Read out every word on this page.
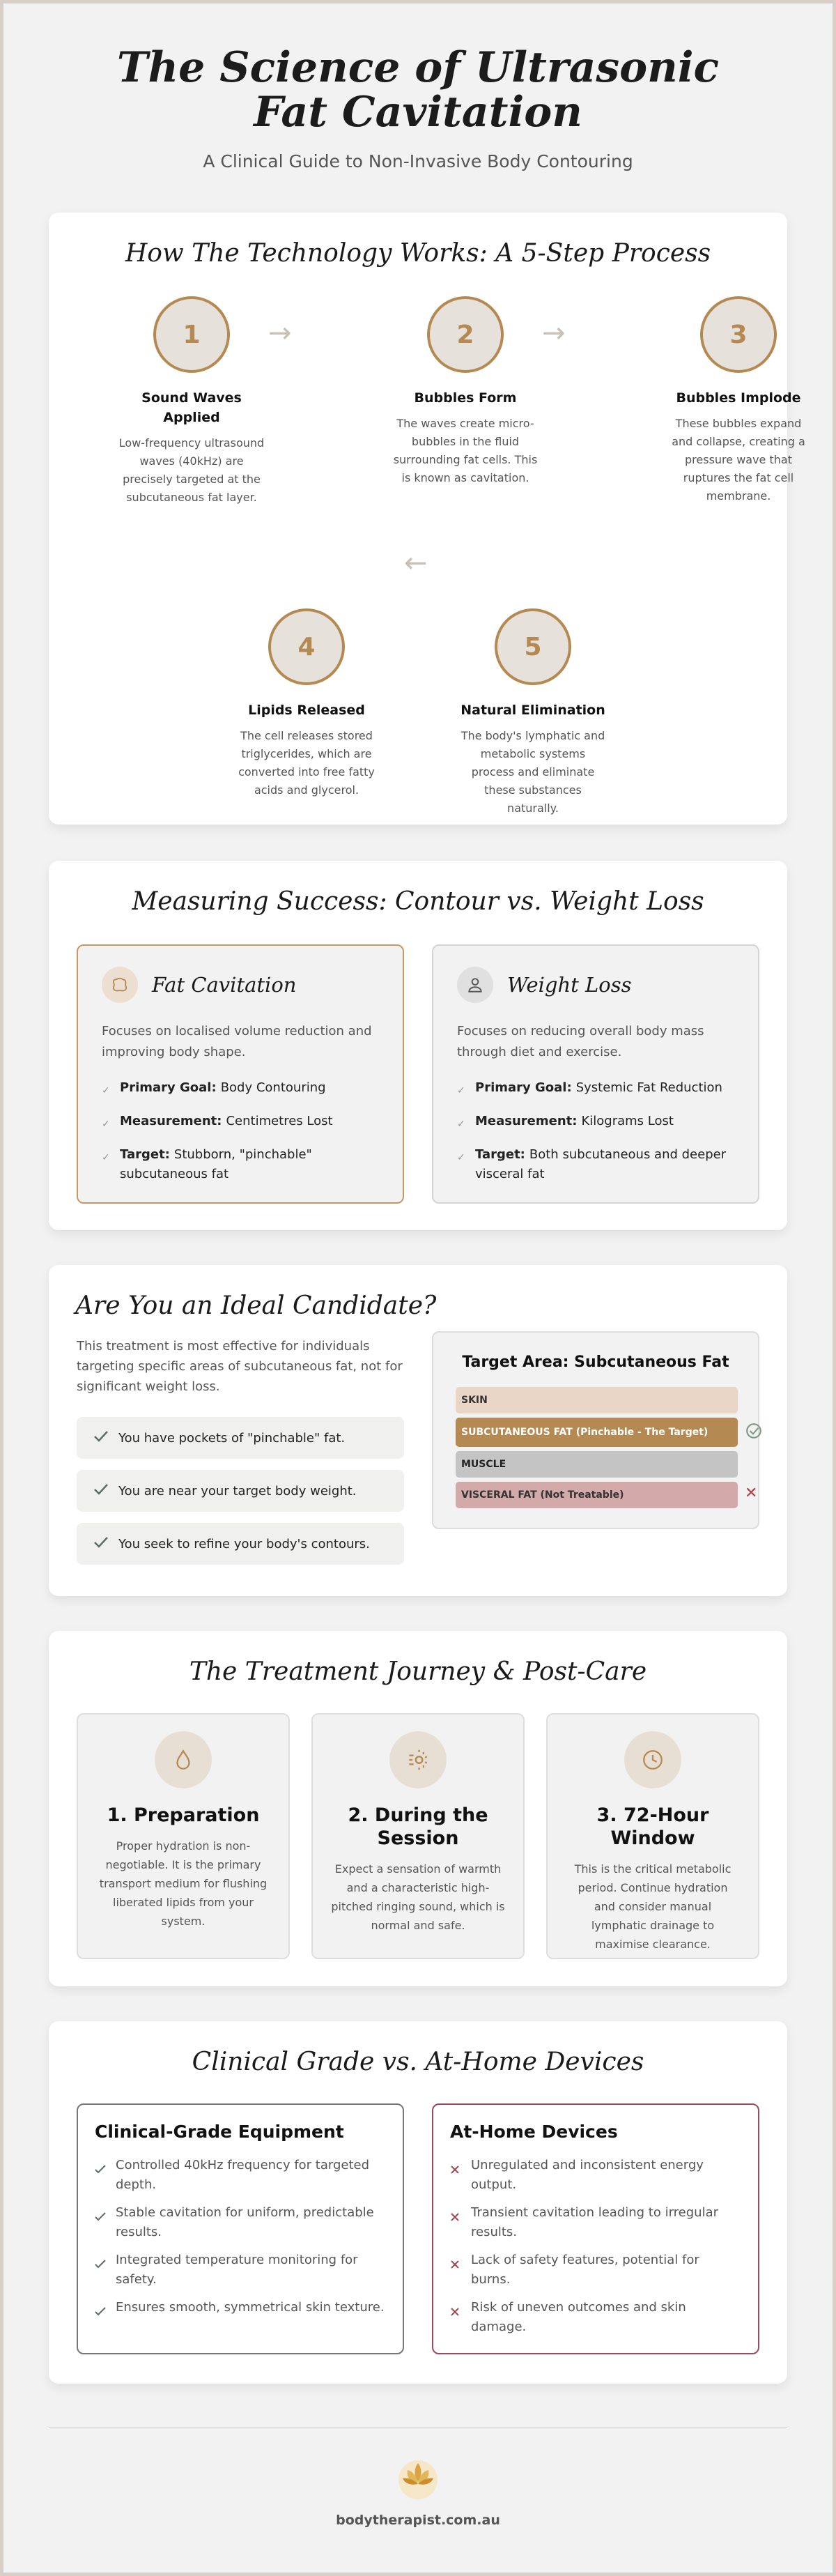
The Science of Ultrasonic Fat Cavitation
A Clinical Guide to Non-Invasive Body Contouring
How The Technology Works: A 5-Step Process
1
Sound Waves Applied

Low-frequency ultrasound waves (40kHz) are precisely targeted at the subcutaneous fat layer.

→	2
Bubbles Form

The waves create micro-bubbles in the fluid surrounding fat cells. This is known as cavitation.

→	3
Bubbles Implode

These bubbles expand and collapse, creating a pressure wave that ruptures the fat cell membrane.

←
4
Lipids Released

The cell releases stored triglycerides, which are converted into free fatty acids and glycerol.

5
Natural Elimination

The body's lymphatic and metabolic systems process and eliminate these substances naturally.

Measuring Success: Contour vs. Weight Loss
Fat Cavitation
Focuses on localised volume reduction and improving body shape.
✓ Primary Goal: Body Contouring
✓ Measurement: Centimetres Lost
✓ Target: Stubborn, "pinchable" subcutaneous fat
Weight Loss
Focuses on reducing overall body mass through diet and exercise.
✓ Primary Goal: Systemic Fat Reduction
✓ Measurement: Kilograms Lost
✓ Target: Both subcutaneous and deeper visceral fat
Are You an Ideal Candidate?
This treatment is most effective for individuals targeting specific areas of subcutaneous fat, not for significant weight loss.
You have pockets of "pinchable" fat.
You are near your target body weight.
You seek to refine your body's contours.
Target Area: Subcutaneous Fat
SKIN
SUBCUTANEOUS FAT (Pinchable - The Target)
MUSCLE
VISCERAL FAT (Not Treatable)	✕
The Treatment Journey & Post-Care
1. Preparation

Proper hydration is non-negotiable. It is the primary transport medium for flushing liberated lipids from your system.

2. During the Session

Expect a sensation of warmth and a characteristic high-pitched ringing sound, which is normal and safe.

3. 72-Hour Window

This is the critical metabolic period. Continue hydration and consider manual lymphatic drainage to maximise clearance.

Clinical Grade vs. At-Home Devices
Clinical-Grade Equipment
Controlled 40kHz frequency for targeted depth.
Stable cavitation for uniform, predictable results.
Integrated temperature monitoring for safety.
Ensures smooth, symmetrical skin texture.
At-Home Devices
Unregulated and inconsistent energy output.
Transient cavitation leading to irregular results.
Lack of safety features, potential for burns.
Risk of uneven outcomes and skin damage.
bodytherapist.com.au
